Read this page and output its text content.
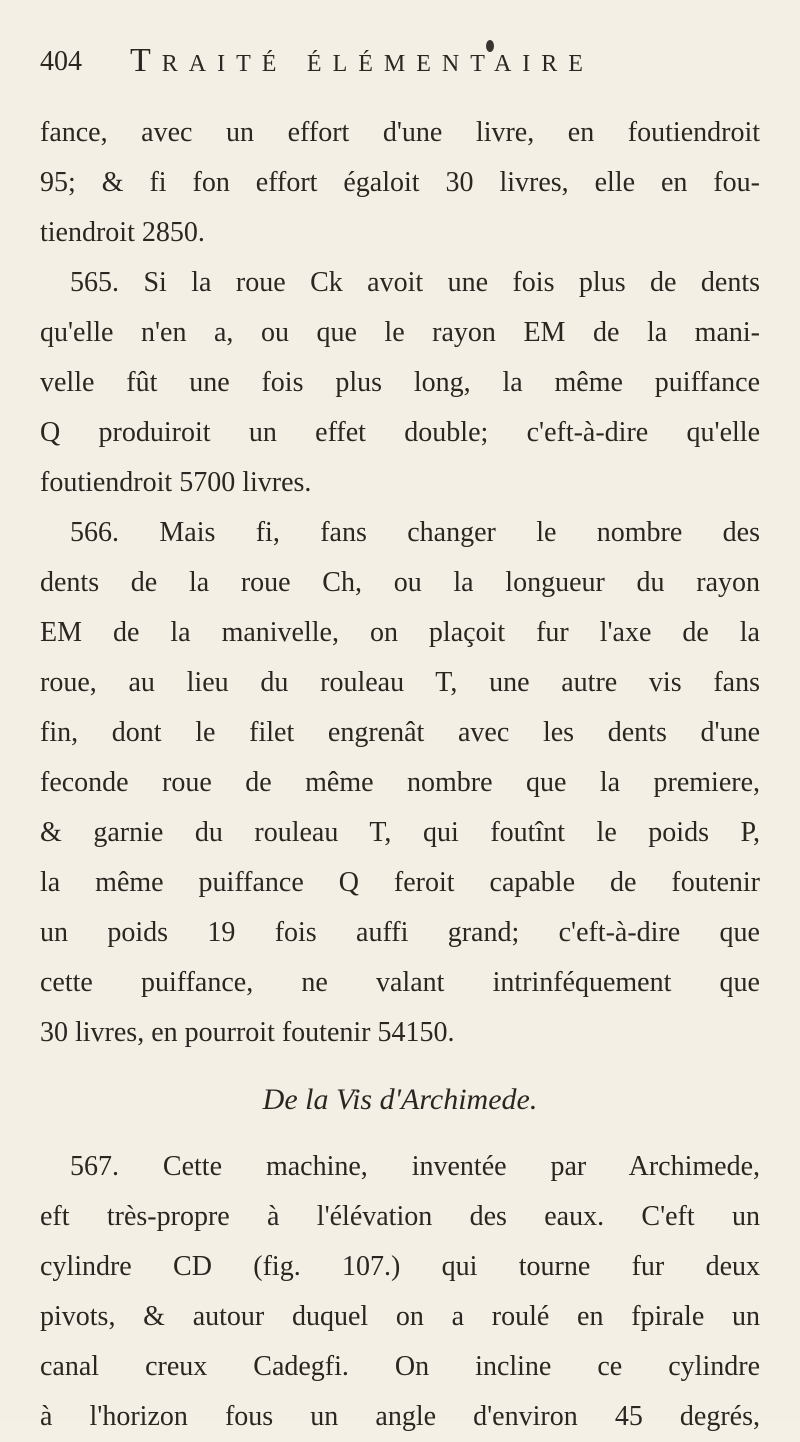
404 Traité élémentaire
fance, avec un effort d'une livre, en foutiendroit
95; & fi fon effort égaloit 30 livres, elle en fou-
tiendroit 2850.
565. Si la roue Ck avoit une fois plus de dents
qu'elle n'en a, ou que le rayon EM de la mani-
velle fût une fois plus long, la même puiffance
Q produiroit un effet double; c'eft-à-dire qu'elle
foutiendroit 5700 livres.
566. Mais fi, fans changer le nombre des
dents de la roue Ch, ou la longueur du rayon
EM de la manivelle, on plaçoit fur l'axe de la
roue, au lieu du rouleau T, une autre vis fans
fin, dont le filet engrenât avec les dents d'une
feconde roue de même nombre que la premiere,
& garnie du rouleau T, qui foutînt le poids P,
la même puiffance Q feroit capable de foutenir
un poids 19 fois auffi grand; c'eft-à-dire que
cette puiffance, ne valant intrinféquement que
30 livres, en pourroit foutenir 54150.
De la Vis d'Archimede.
567. Cette machine, inventée par Archimede,
eft très-propre à l'élévation des eaux. C'eft un
cylindre CD (fig. 107.) qui tourne fur deux
pivots, & autour duquel on a roulé en fpirale un
canal creux Cadegfi. On incline ce cylindre
à l'horizon fous un angle d'environ 45 degrés,
